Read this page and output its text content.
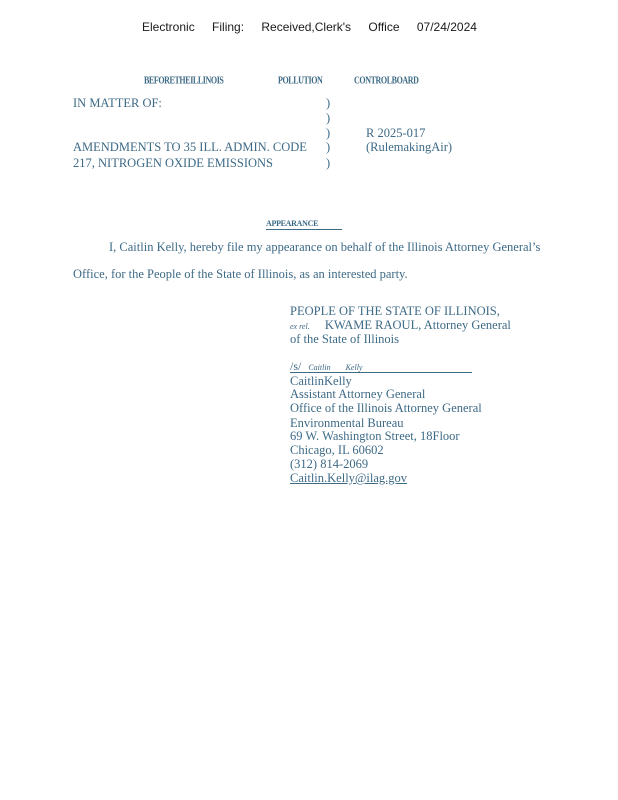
Electronic Filing: Received,Clerk's Office 07/24/2024
BEFORETHEILLINOIS	POLLUTION	CONTROLBOARD
IN MATTER OF:
AMENDMENTS TO 35 ILL. ADMIN. CODE
217, NITROGEN OXIDE EMISSIONS
)
)
)
)
)
R 2025-017
(RulemakingAir)
APPEARANCE
I, Caitlin Kelly, hereby file my appearance on behalf of the Illinois Attorney General’s
Office, for the People of the State of Illinois, as an interested party.
PEOPLE OF THE STATE OF ILLINOIS,
ex rel. KWAME RAOUL, Attorney General
of the State of Illinois
/s/ Caitlin Kelly
CaitlinKelly
Assistant Attorney General
Office of the Illinois Attorney General
Environmental Bureau
69 W. Washington Street, 18Floor
Chicago, IL 60602
(312) 814-2069
Caitlin.Kelly@ilag.gov
